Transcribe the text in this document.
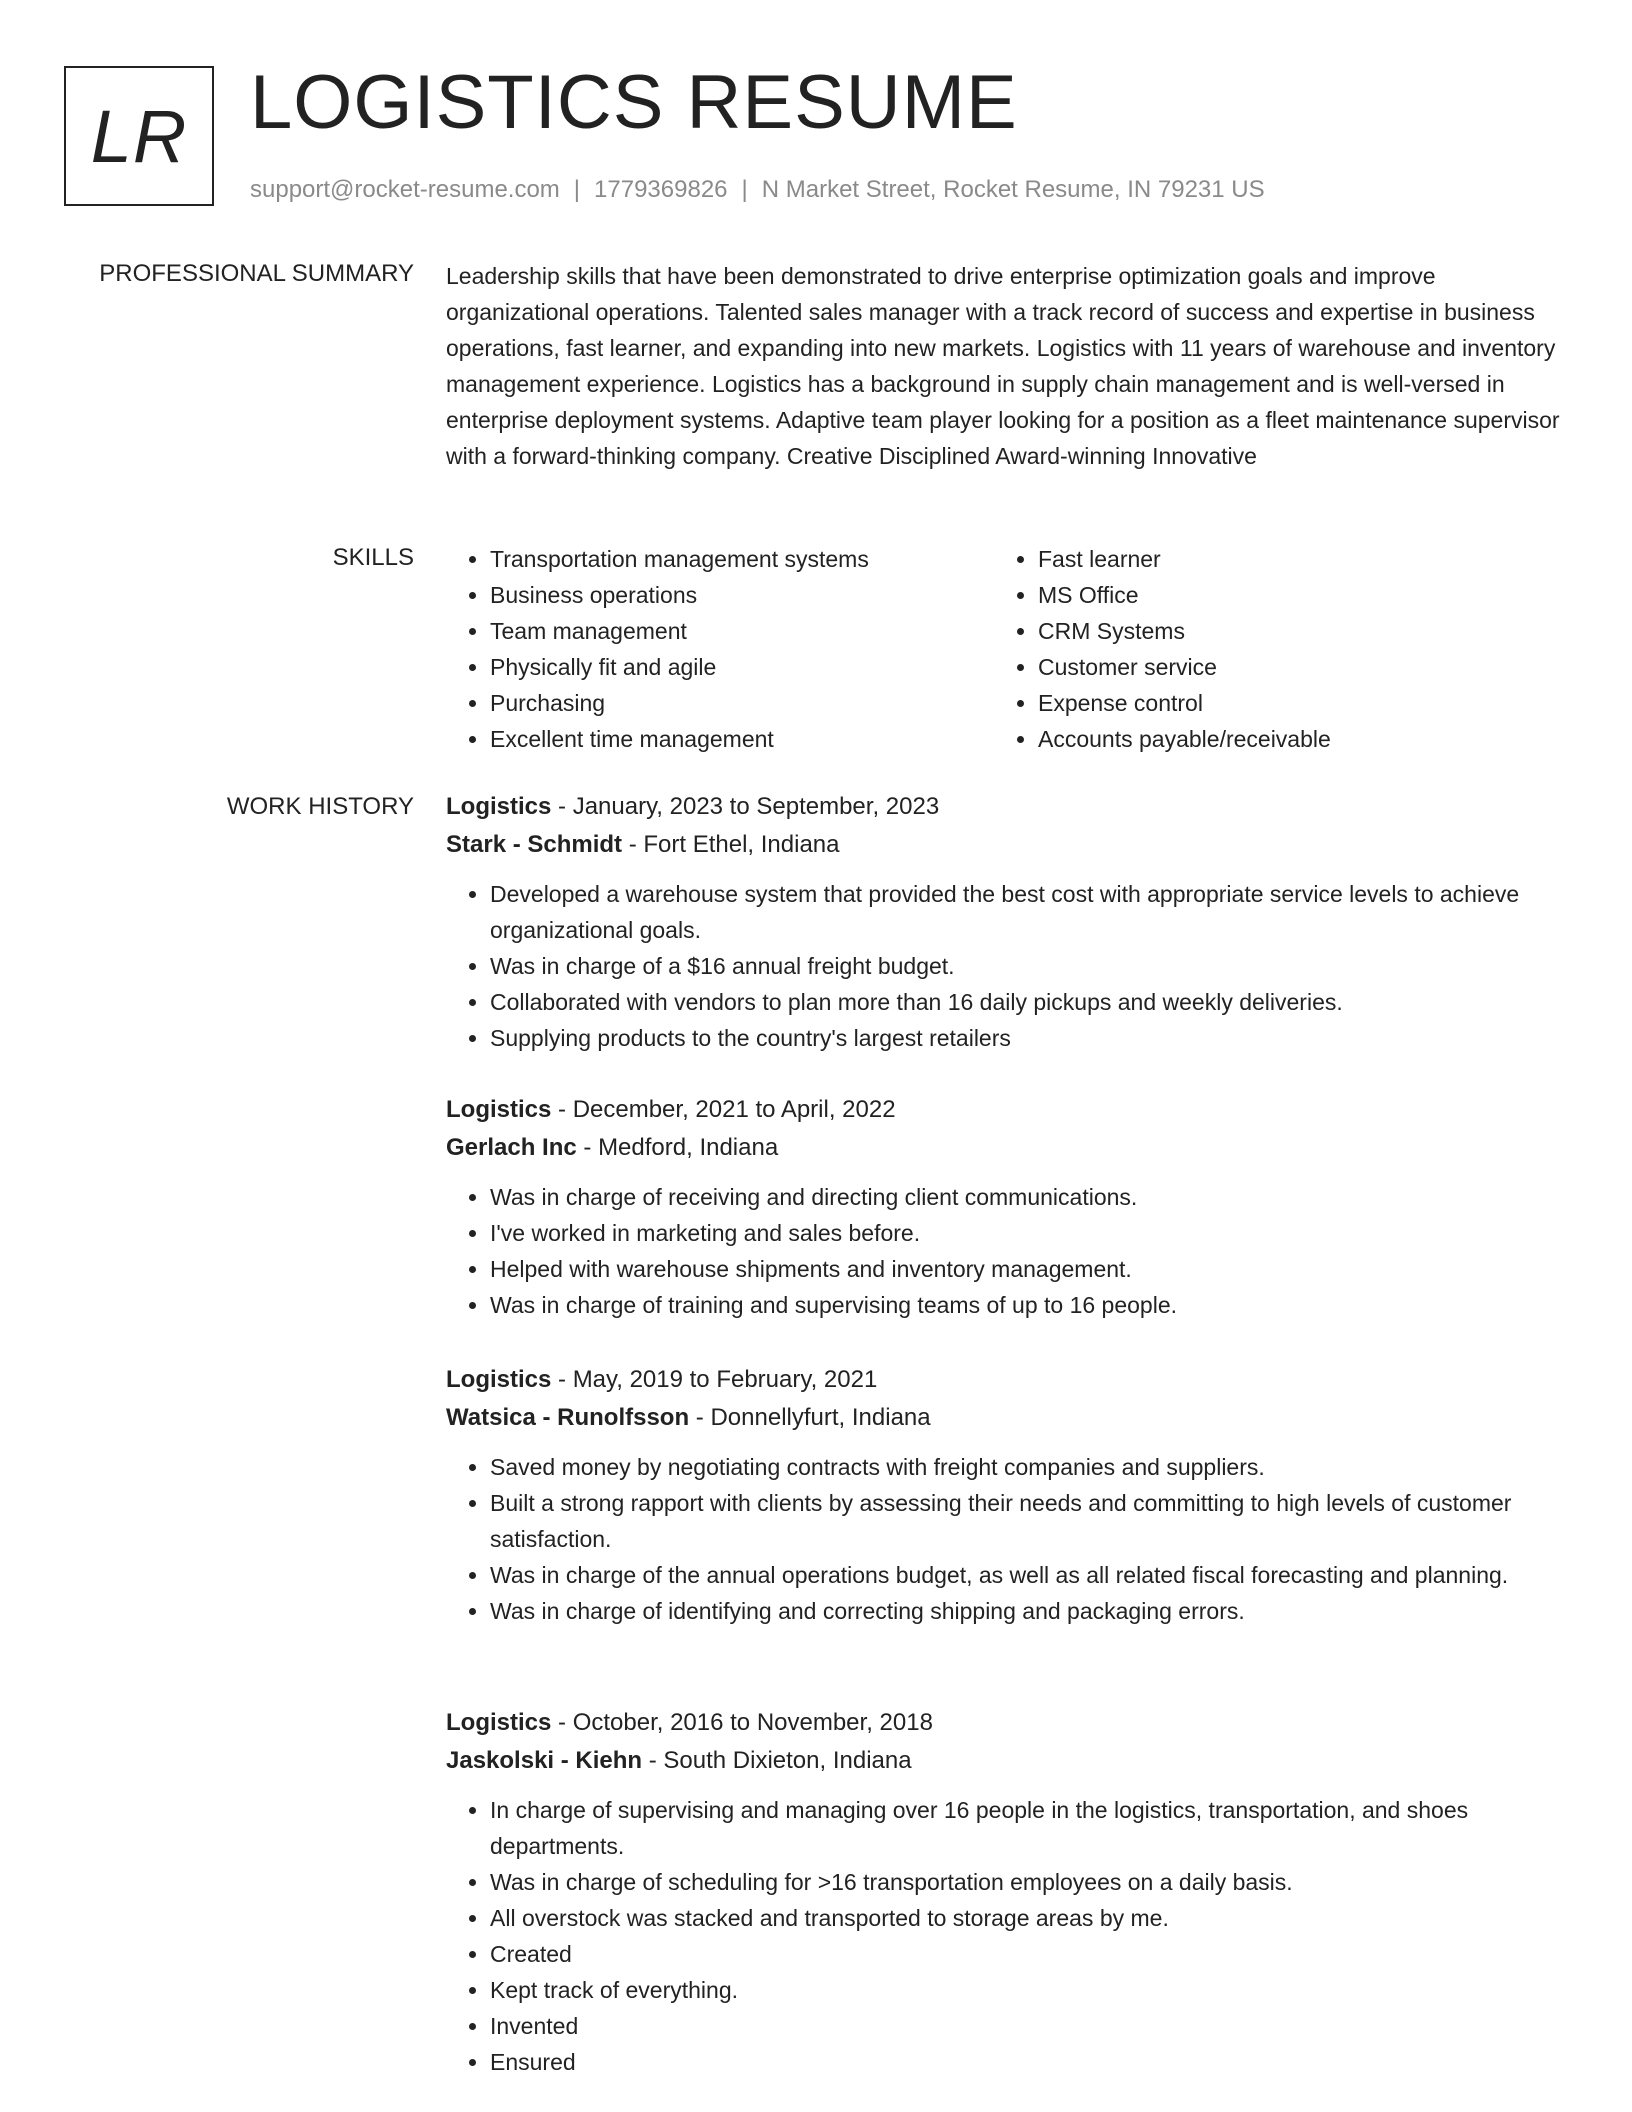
LR LOGISTICS RESUME
support@rocket-resume.com | 1779369826 | N Market Street, Rocket Resume, IN 79231 US
PROFESSIONAL SUMMARY Leadership skills that have been demonstrated to drive enterprise optimization goals and improve organizational operations. Talented sales manager with a track record of success and expertise in business operations, fast learner, and expanding into new markets. Logistics with 11 years of warehouse and inventory management experience. Logistics has a background in supply chain management and is well-versed in enterprise deployment systems. Adaptive team player looking for a position as a fleet maintenance supervisor with a forward-thinking company. Creative Disciplined Award-winning Innovative

SKILLS
•	Transportation management systems
• Business operations
• Team management
• Physically fit and agile
• Purchasing
• Excellent time management
• Fast learner
• MS Office
• CRM Systems
• Customer service
• Expense control
• Accounts payable/receivable
WORK HISTORY Logistics - January, 2023 to September, 2023
Stark - Schmidt - Fort Ethel, Indiana
• Developed a warehouse system that provided the best cost with appropriate service levels to achieve organizational goals.
• Was in charge of a $16 annual freight budget.
• Collaborated with vendors to plan more than 16 daily pickups and weekly deliveries.
• Supplying products to the country's largest retailers
Logistics - December, 2021 to April, 2022
Gerlach Inc - Medford, Indiana
• Was in charge of receiving and directing client communications.
• I've worked in marketing and sales before.
• Helped with warehouse shipments and inventory management.
• Was in charge of training and supervising teams of up to 16 people.
Logistics - May, 2019 to February, 2021
Watsica - Runolfsson - Donnellyfurt, Indiana
• Saved money by negotiating contracts with freight companies and suppliers.
• Built a strong rapport with clients by assessing their needs and committing to high levels of customer satisfaction.
• Was in charge of the annual operations budget, as well as all related fiscal forecasting and planning.
• Was in charge of identifying and correcting shipping and packaging errors.
Logistics - October, 2016 to November, 2018
Jaskolski - Kiehn - South Dixieton, Indiana
• In charge of supervising and managing over 16 people in the logistics, transportation, and shoes departments.
• Was in charge of scheduling for >16 transportation employees on a daily basis.
• All overstock was stacked and transported to storage areas by me.
• Created
• Kept track of everything.
• Invented
• Ensured
